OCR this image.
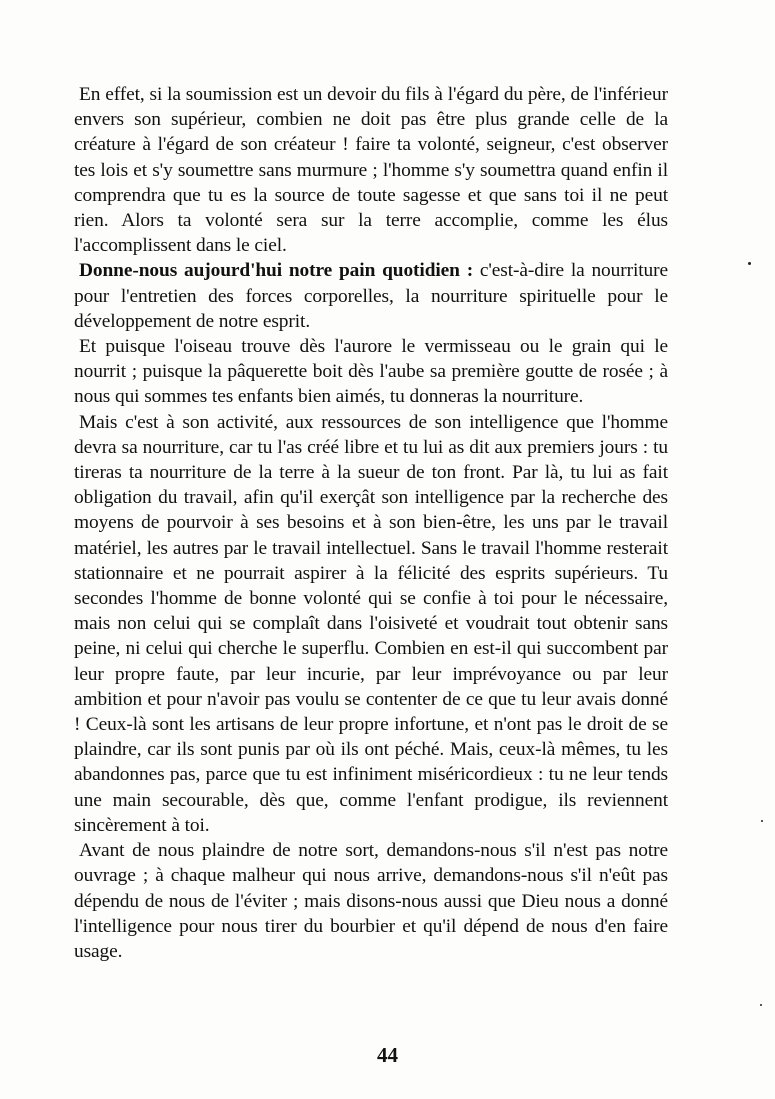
En effet, si la soumission est un devoir du fils à l'égard du père, de l'inférieur envers son supérieur, combien ne doit pas être plus grande celle de la créature à l'égard de son créateur ! faire ta volonté, seigneur, c'est observer tes lois et s'y soumettre sans murmure ; l'homme s'y soumettra quand enfin il comprendra que tu es la source de toute sagesse et que sans toi il ne peut rien. Alors ta volonté sera sur la terre accomplie, comme les élus l'accomplissent dans le ciel.

Donne-nous aujourd'hui notre pain quotidien : c'est-à-dire la nourriture pour l'entretien des forces corporelles, la nourriture spirituelle pour le développement de notre esprit.

Et puisque l'oiseau trouve dès l'aurore le vermisseau ou le grain qui le nourrit ; puisque la pâquerette boit dès l'aube sa première goutte de rosée ; à nous qui sommes tes enfants bien aimés, tu donneras la nourriture.

Mais c'est à son activité, aux ressources de son intelligence que l'homme devra sa nourriture, car tu l'as créé libre et tu lui as dit aux premiers jours : tu tireras ta nourriture de la terre à la sueur de ton front. Par là, tu lui as fait obligation du travail, afin qu'il exerçât son intelligence par la recherche des moyens de pourvoir à ses besoins et à son bien-être, les uns par le travail matériel, les autres par le travail intellectuel. Sans le travail l'homme resterait stationnaire et ne pourrait aspirer à la félicité des esprits supérieurs. Tu secondes l'homme de bonne volonté qui se confie à toi pour le nécessaire, mais non celui qui se complaît dans l'oisiveté et voudrait tout obtenir sans peine, ni celui qui cherche le superflu. Combien en est-il qui succombent par leur propre faute, par leur incurie, par leur imprévoyance ou par leur ambition et pour n'avoir pas voulu se contenter de ce que tu leur avais donné ! Ceux-là sont les artisans de leur propre infortune, et n'ont pas le droit de se plaindre, car ils sont punis par où ils ont péché. Mais, ceux-là mêmes, tu les abandonnes pas, parce que tu est infiniment miséricordieux : tu ne leur tends une main secourable, dès que, comme l'enfant prodigue, ils reviennent sincèrement à toi.

Avant de nous plaindre de notre sort, demandons-nous s'il n'est pas notre ouvrage ; à chaque malheur qui nous arrive, demandons-nous s'il n'eût pas dépendu de nous de l'éviter ; mais disons-nous aussi que Dieu nous a donné l'intelligence pour nous tirer du bourbier et qu'il dépend de nous d'en faire usage.

44
